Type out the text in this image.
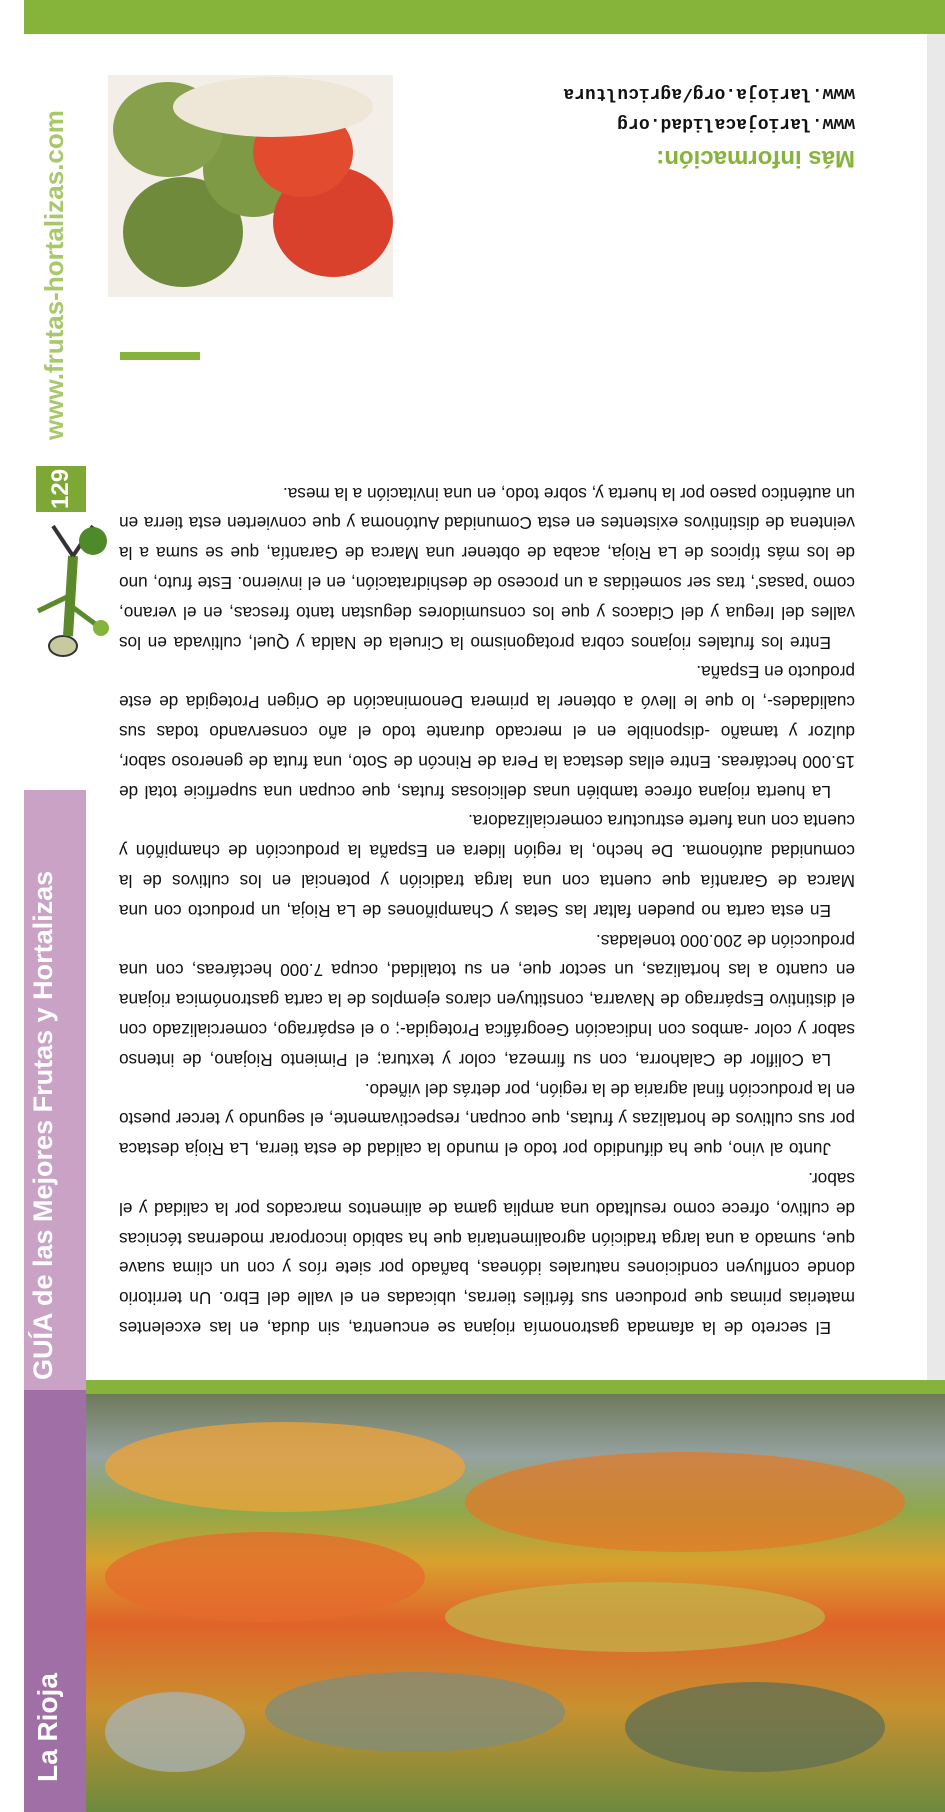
La Rioja
GUÍA de las Mejores Frutas y Hortalizas
129
www.frutas-hortalizas.com

El secreto de la afamada gastronomía riojana se encuentra, sin duda, en las excelentes materias primas que producen sus fértiles tierras, ubicadas en el valle del Ebro. Un territorio donde confluyen condiciones naturales idóneas, bañado por siete ríos y con un clima suave que, sumado a una larga tradición agroalimentaria que ha sabido incorporar modernas técnicas de cultivo, ofrece como resultado una amplia gama de alimentos marcados por la calidad y el sabor.

Junto al vino, que ha difundido por todo el mundo la calidad de esta tierra, La Rioja destaca por sus cultivos de hortalizas y frutas, que ocupan, respectivamente, el segundo y tercer puesto en la producción final agraria de la región, por detrás del viñedo.

La Coliflor de Calahorra, con su firmeza, color y textura; el Pimiento Riojano, de intenso sabor y color -ambos con Indicación Geográfica Protegida-; o el espárrago, comercializado con el distintivo Espárrago de Navarra, constituyen claros ejemplos de la carta gastronómica riojana en cuanto a las hortalizas, un sector que, en su totalidad, ocupa 7.000 hectáreas, con una producción de 200.000 toneladas.

En esta carta no pueden faltar las Setas y Champiñones de La Rioja, un producto con una Marca de Garantía que cuenta con una larga tradición y potencial en los cultivos de la comunidad autónoma. De hecho, la región lidera en España la producción de champiñón y cuenta con una fuerte estructura comercializadora.

La huerta riojana ofrece también unas deliciosas frutas, que ocupan una superficie total de 15.000 hectáreas. Entre ellas destaca la Pera de Rincón de Soto, una fruta de generoso sabor, dulzor y tamaño -disponible en el mercado durante todo el año conservando todas sus cualidades-, lo que le llevó a obtener la primera Denominación de Origen Protegida de este producto en España.

Entre los frutales riojanos cobra protagonismo la Ciruela de Nalda y Quel, cultivada en los valles del Iregua y del Cidacos y que los consumidores degustan tanto frescas, en el verano, como 'pasas', tras ser sometidas a un proceso de deshidratación, en el invierno. Este fruto, uno de los más típicos de La Rioja, acaba de obtener una Marca de Garantía, que se suma a la veintena de distintivos existentes en esta Comunidad Autónoma y que convierten esta tierra en un auténtico paseo por la huerta y, sobre todo, en una invitación a la mesa.

Más información:
www.lariojacalidad.org
www.larioja.org/agricultura
